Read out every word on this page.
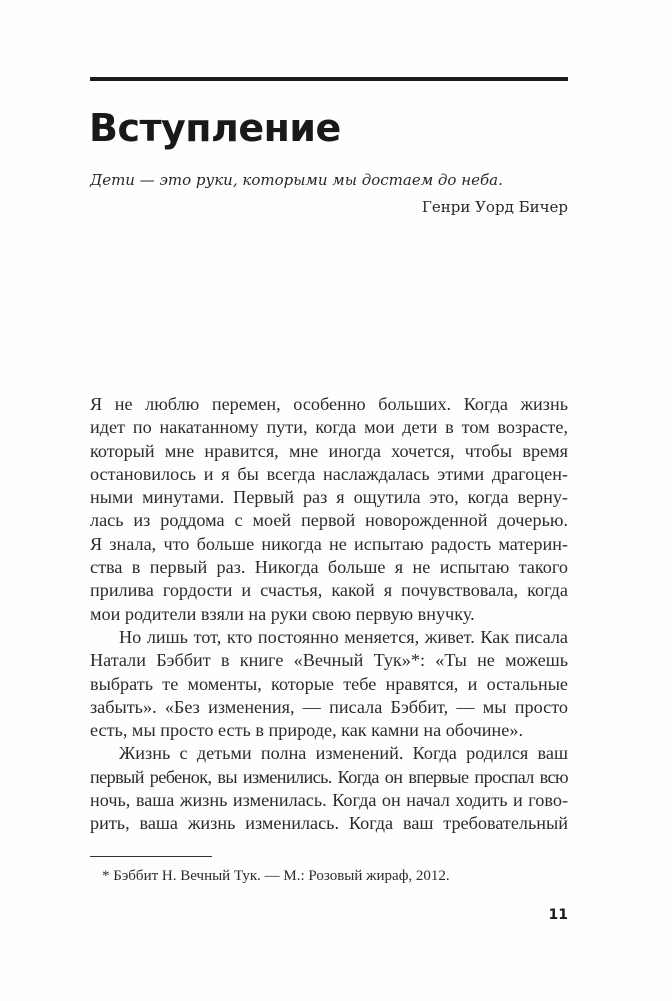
Вступление
Дети — это руки, которыми мы достаем до неба.
Генри Уорд Бичер
Я не люблю перемен, особенно больших. Когда жизнь
идет по накатанному пути, когда мои дети в том возрасте,
который мне нравится, мне иногда хочется, чтобы время
остановилось и я бы всегда наслаждалась этими драгоцен-
ными минутами. Первый раз я ощутила это, когда верну-
лась из роддома с моей первой новорожденной дочерью.
Я знала, что больше никогда не испытаю радость материн-
ства в первый раз. Никогда больше я не испытаю такого
прилива гордости и счастья, какой я почувствовала, когда
мои родители взяли на руки свою первую внучку.
Но лишь тот, кто постоянно меняется, живет. Как писала
Натали Бэббит в книге «Вечный Тук»*: «Ты не можешь
выбрать те моменты, которые тебе нравятся, и остальные
забыть». «Без изменения, — писала Бэббит, — мы просто
есть, мы просто есть в природе, как камни на обочине».
Жизнь с детьми полна изменений. Когда родился ваш
первый ребенок, вы изменились. Когда он впервые проспал всю
ночь, ваша жизнь изменилась. Когда он начал ходить и гово-
рить, ваша жизнь изменилась. Когда ваш требовательный
* Бэббит Н. Вечный Тук. — М.: Розовый жираф, 2012.
11
